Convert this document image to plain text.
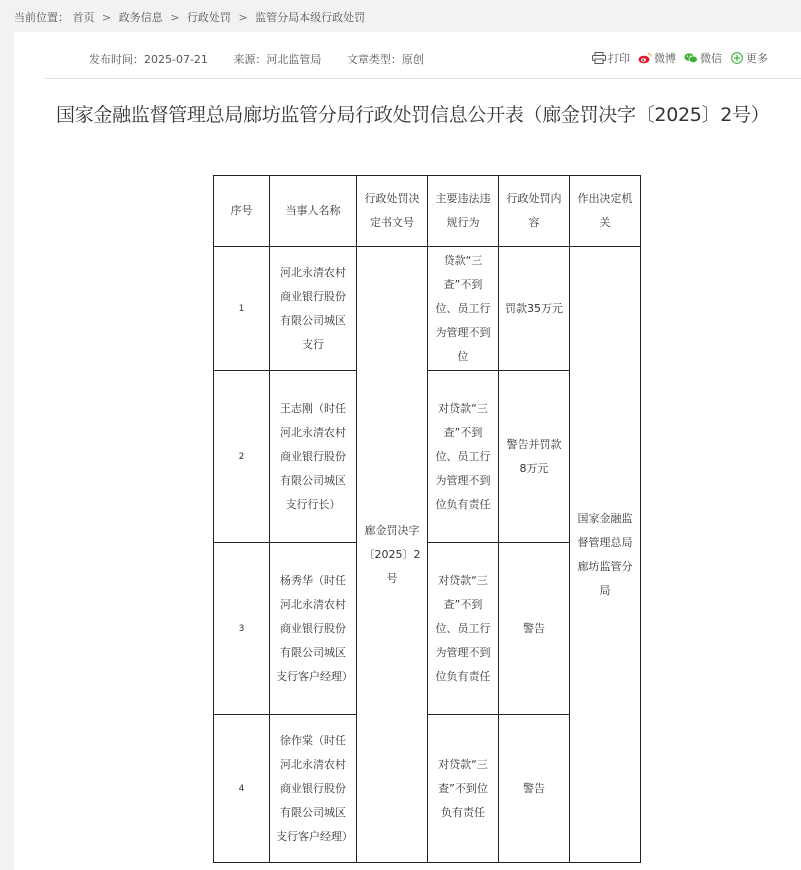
当前位置： 首页 > 政务信息 > 行政处罚 > 监管分局本级行政处罚
发布时间：2025-07-21 来源：河北监管局 文章类型：原创	打印 微博 微信 更多
国家金融监督管理总局廊坊监管分局行政处罚信息公开表（廊金罚决字〔2025〕2号）
序号	当事人名称	行政处罚决定书文号	主要违法违规行为	行政处罚内容	作出决定机关
1	河北永清农村商业银行股份有限公司城区支行	廊金罚决字〔2025〕2号	贷款“三查”不到位、员工行为管理不到位	罚款35万元	国家金融监督管理总局廊坊监管分局
2	王志刚（时任河北永清农村商业银行股份有限公司城区支行行长）		对贷款“三查”不到位、员工行为管理不到位负有责任	警告并罚款8万元	
3	杨秀华（时任河北永清农村商业银行股份有限公司城区支行客户经理）		对贷款“三查”不到位、员工行为管理不到位负有责任	警告	
4	徐作棠（时任河北永清农村商业银行股份有限公司城区支行客户经理）		对贷款“三查”不到位负有责任	警告	
